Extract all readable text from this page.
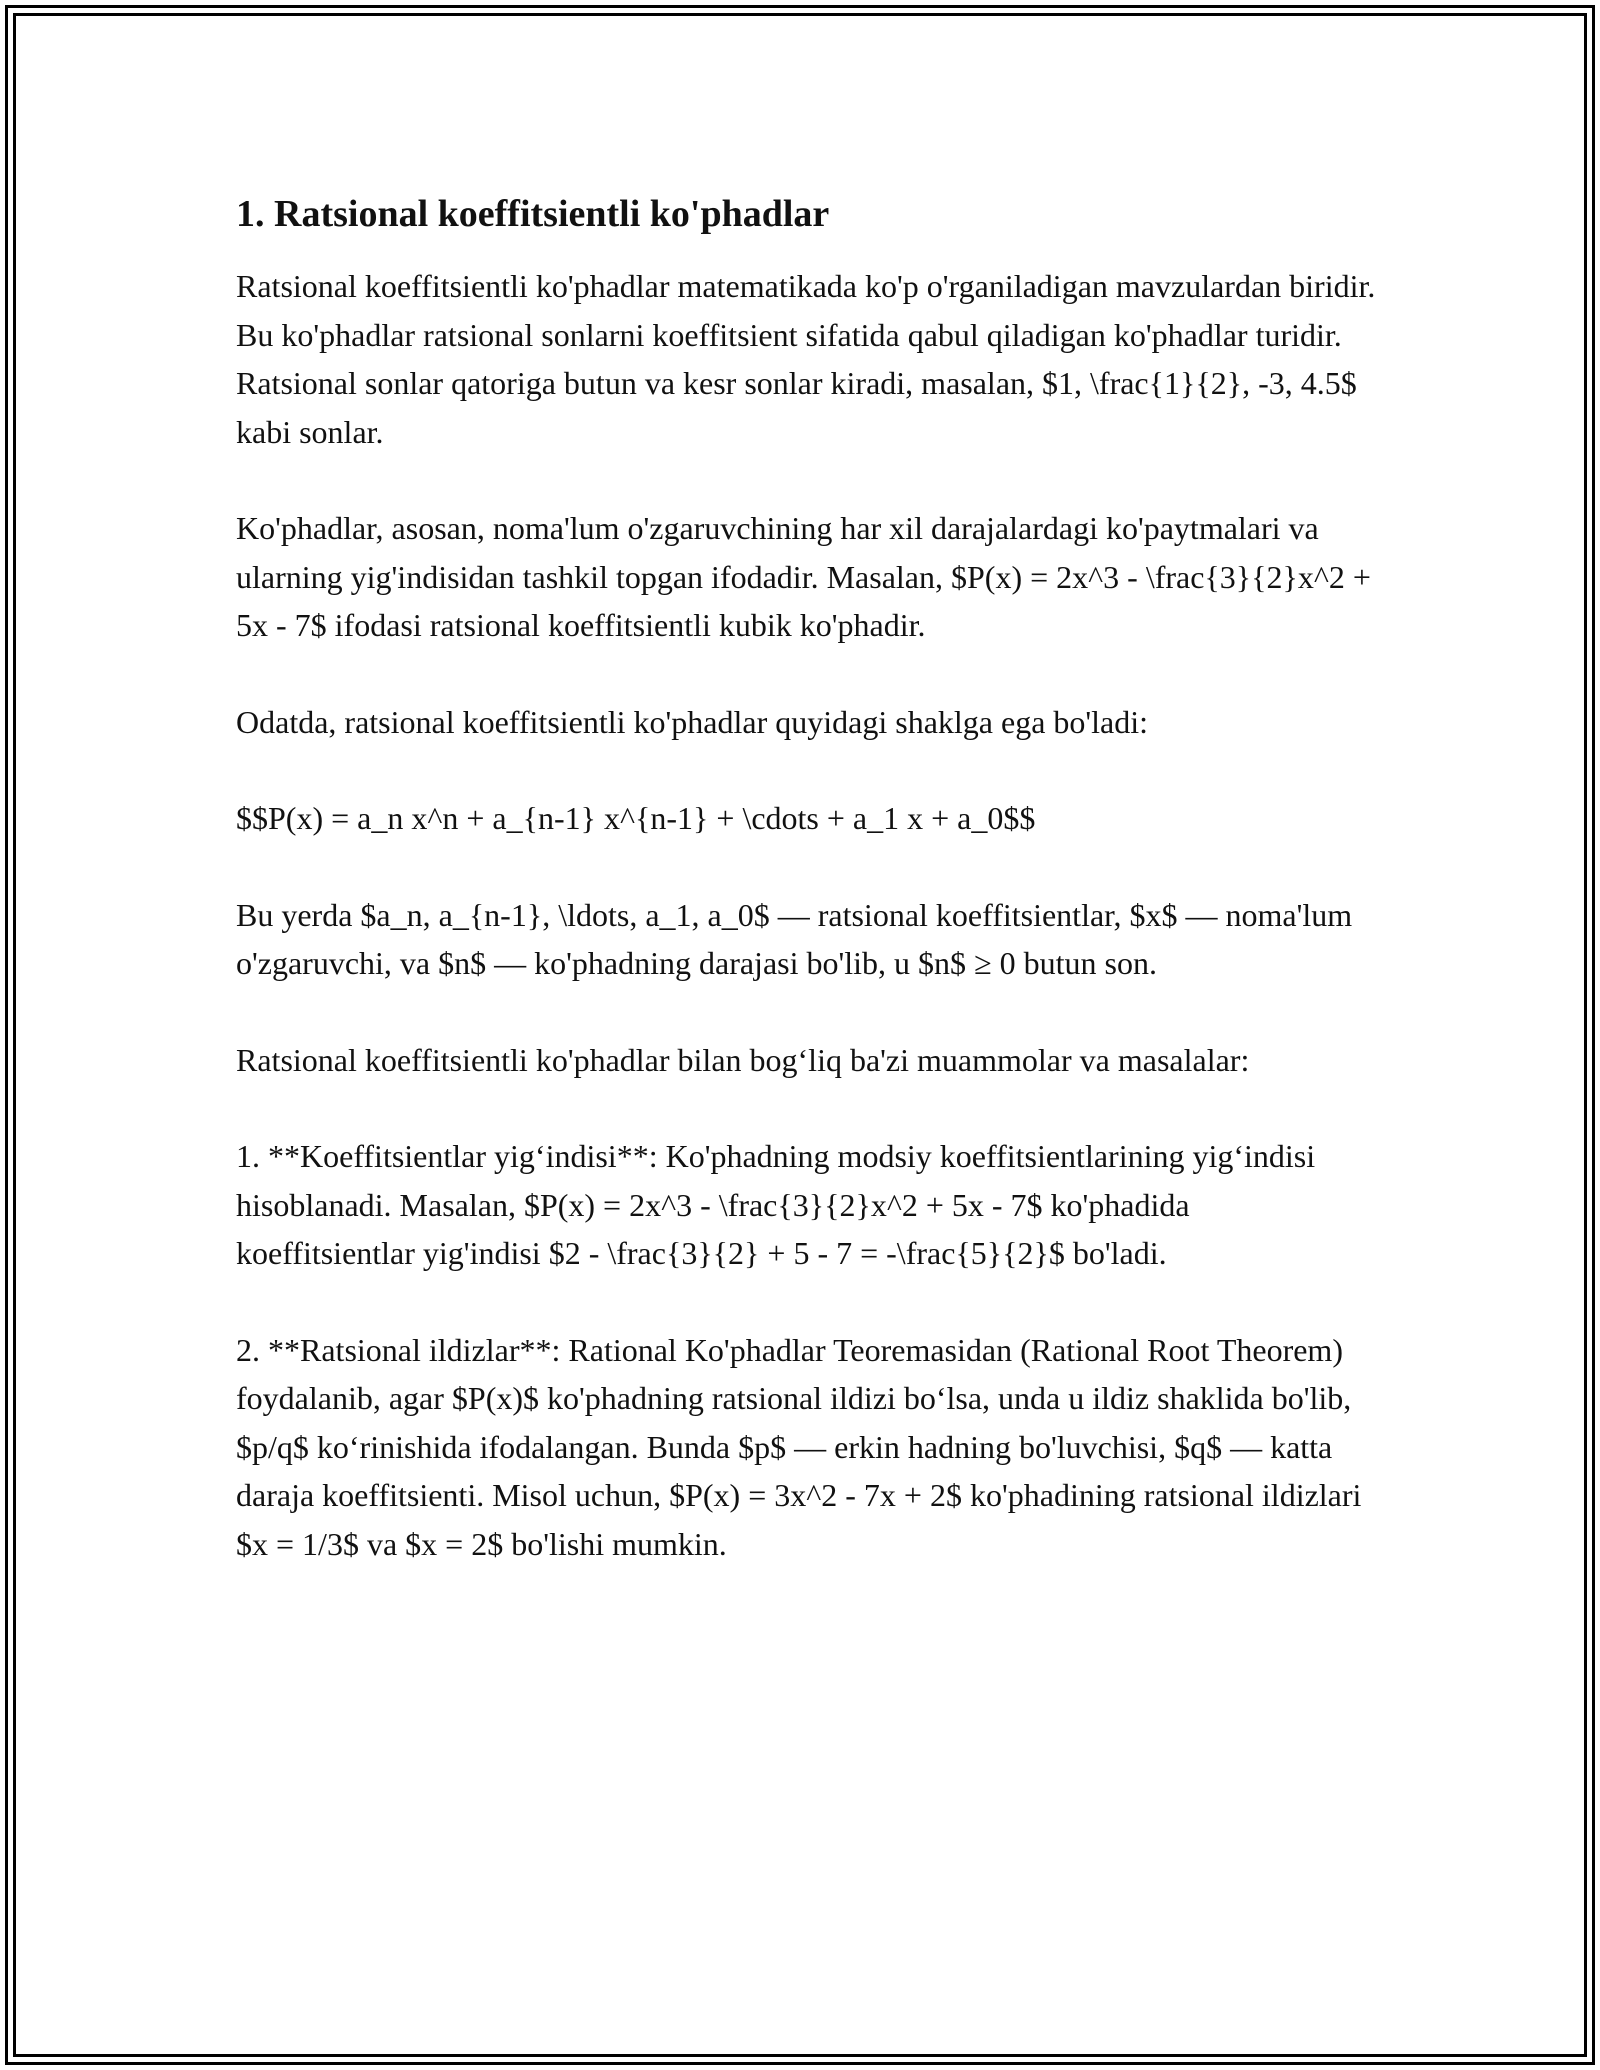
1. Ratsional koeffitsientli ko'phadlar

Ratsional koeffitsientli ko'phadlar matematikada ko'p o'rganiladigan mavzulardan biridir. Bu ko'phadlar ratsional sonlarni koeffitsient sifatida qabul qiladigan ko'phadlar turidir. Ratsional sonlar qatoriga butun va kesr sonlar kiradi, masalan, $1, \frac{1}{2}, -3, 4.5$ kabi sonlar.

Ko'phadlar, asosan, noma'lum o'zgaruvchining har xil darajalardagi ko'paytmalari va ularning yig'indisidan tashkil topgan ifodadir. Masalan, $P(x) = 2x^3 - \frac{3}{2}x^2 + 5x - 7$ ifodasi ratsional koeffitsientli kubik ko'phadir.

Odatda, ratsional koeffitsientli ko'phadlar quyidagi shaklga ega bo'ladi:

$$P(x) = a_n x^n + a_{n-1} x^{n-1} + \cdots + a_1 x + a_0$$

Bu yerda $a_n, a_{n-1}, \ldots, a_1, a_0$ — ratsional koeffitsientlar, $x$ — noma'lum o'zgaruvchi, va $n$ — ko'phadning darajasi bo'lib, u $n$ ≥ 0 butun son.

Ratsional koeffitsientli ko'phadlar bilan bog‘liq ba'zi muammolar va masalalar:

1. **Koeffitsientlar yig‘indisi**: Ko'phadning modsiy koeffitsientlarining yig‘indisi hisoblanadi. Masalan, $P(x) = 2x^3 - \frac{3}{2}x^2 + 5x - 7$ ko'phadida koeffitsientlar yig'indisi $2 - \frac{3}{2} + 5 - 7 = -\frac{5}{2}$ bo'ladi.

2. **Ratsional ildizlar**: Rational Ko'phadlar Teoremasidan (Rational Root Theorem) foydalanib, agar $P(x)$ ko'phadning ratsional ildizi bo‘lsa, unda u ildiz shaklida bo'lib, $p/q$ ko‘rinishida ifodalangan. Bunda $p$ — erkin hadning bo'luvchisi, $q$ — katta daraja koeffitsienti. Misol uchun, $P(x) = 3x^2 - 7x + 2$ ko'phadining ratsional ildizlari $x = 1/3$ va $x = 2$ bo'lishi mumkin.
